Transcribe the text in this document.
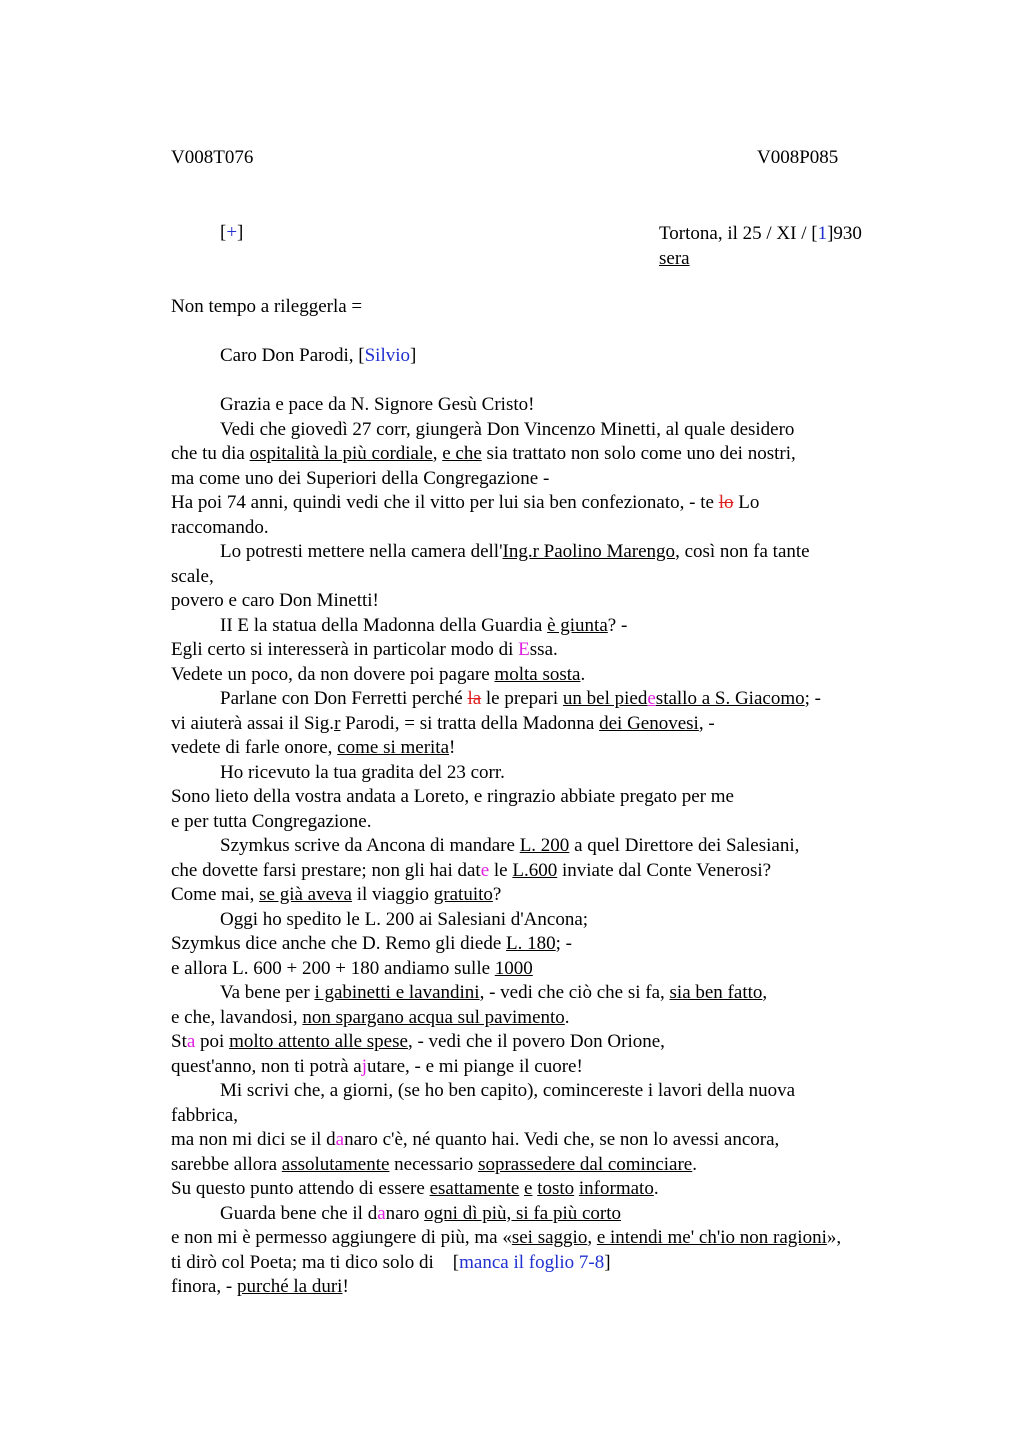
V008T076	V008P085
[+]	Tortona, il 25 / XI / [1]930
sera
Non tempo a rileggerla =
Caro Don Parodi, [Silvio]
Grazia e pace da N. Signore Gesù Cristo!
Vedi che giovedì 27 corr, giungerà Don Vincenzo Minetti, al quale desidero
che tu dia ospitalità la più cordiale, e che sia trattato non solo come uno dei nostri,
ma come uno dei Superiori della Congregazione -
Ha poi 74 anni, quindi vedi che il vitto per lui sia ben confezionato, - te lo Lo
raccomando.
Lo potresti mettere nella camera dell'Ing.r Paolino Marengo, così non fa tante
scale,
povero e caro Don Minetti!
II E la statua della Madonna della Guardia è giunta? -
Egli certo si interesserà in particolar modo di Essa.
Vedete un poco, da non dovere poi pagare molta sosta.
Parlane con Don Ferretti perché la le prepari un bel piedestallo a S. Giacomo; -
vi aiuterà assai il Sig.r Parodi, = si tratta della Madonna dei Genovesi, -
vedete di farle onore, come si merita!
Ho ricevuto la tua gradita del 23 corr.
Sono lieto della vostra andata a Loreto, e ringrazio abbiate pregato per me
e per tutta Congregazione.
Szymkus scrive da Ancona di mandare L. 200 a quel Direttore dei Salesiani,
che dovette farsi prestare; non gli hai date le L.600 inviate dal Conte Venerosi?
Come mai, se già aveva il viaggio gratuito?
Oggi ho spedito le L. 200 ai Salesiani d'Ancona;
Szymkus dice anche che D. Remo gli diede L. 180; -
e allora L. 600 + 200 + 180 andiamo sulle 1000
Va bene per i gabinetti e lavandini, - vedi che ciò che si fa, sia ben fatto,
e che, lavandosi, non spargano acqua sul pavimento.
Sta poi molto attento alle spese, - vedi che il povero Don Orione,
quest'anno, non ti potrà ajutare, - e mi piange il cuore!
Mi scrivi che, a giorni, (se ho ben capito), comincereste i lavori della nuova
fabbrica,
ma non mi dici se il danaro c'è, né quanto hai. Vedi che, se non lo avessi ancora,
sarebbe allora assolutamente necessario soprassedere dal cominciare.
Su questo punto attendo di essere esattamente e tosto informato.
Guarda bene che il danaro ogni dì più, si fa più corto
e non mi è permesso aggiungere di più, ma «sei saggio, e intendi me' ch'io non ragioni»,
ti dirò col Poeta; ma ti dico solo di    [manca il foglio 7-8]
finora, - purché la duri!
